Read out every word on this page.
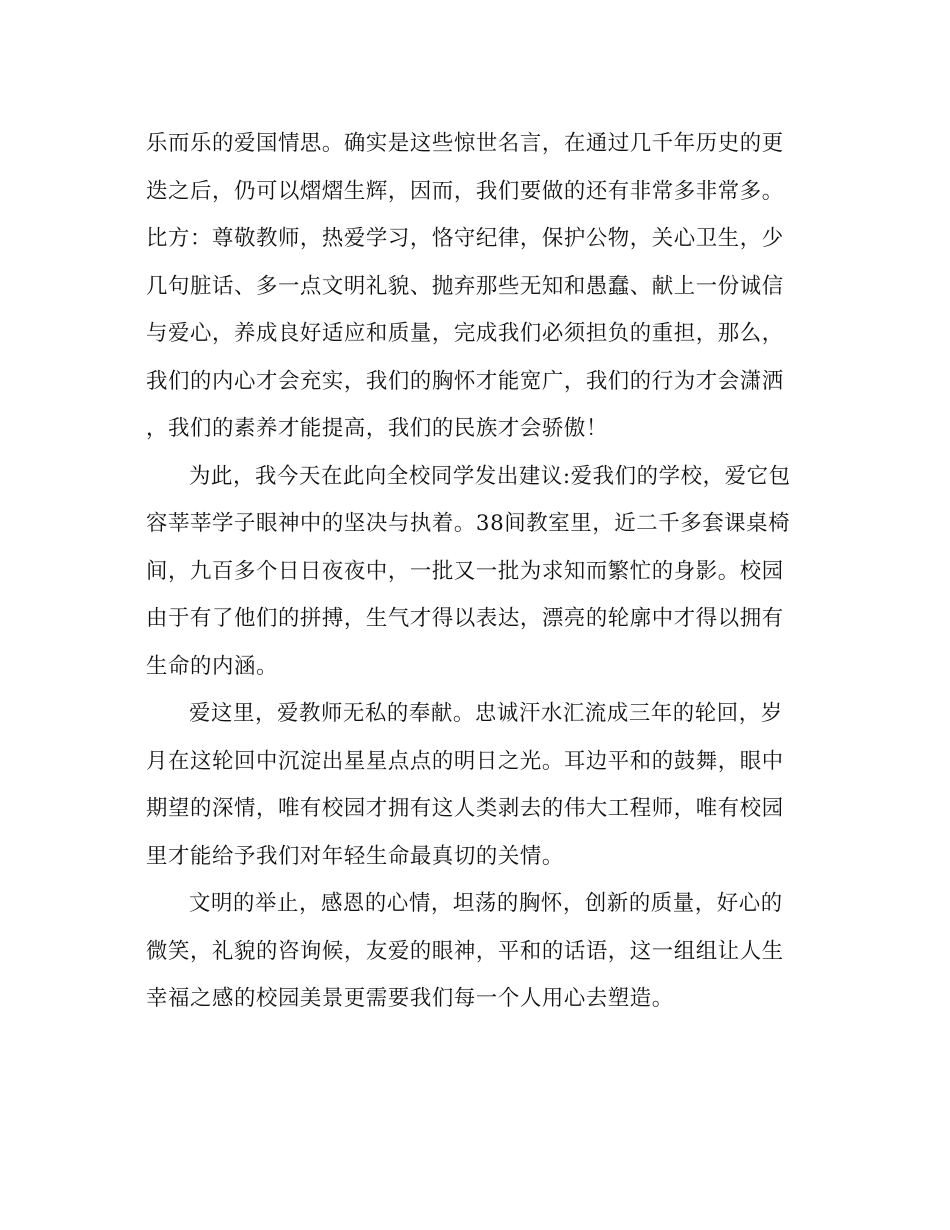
乐而乐的爱国情思。确实是这些惊世名言，在通过几千年历史的更迭之后，仍可以熠熠生辉，因而，我们要做的还有非常多非常多。比方：尊敬教师，热爱学习，恪守纪律，保护公物，关心卫生，少几句脏话、多一点文明礼貌、抛弃那些无知和愚蠢、献上一份诚信与爱心，养成良好适应和质量，完成我们必须担负的重担，那么，我们的内心才会充实，我们的胸怀才能宽广，我们的行为才会潇洒，我们的素养才能提高，我们的民族才会骄傲！

为此，我今天在此向全校同学发出建议:爱我们的学校，爱它包容莘莘学子眼神中的坚决与执着。38间教室里，近二千多套课桌椅间，九百多个日日夜夜中，一批又一批为求知而繁忙的身影。校园由于有了他们的拼搏，生气才得以表达，漂亮的轮廓中才得以拥有生命的内涵。

爱这里，爱教师无私的奉献。忠诚汗水汇流成三年的轮回，岁月在这轮回中沉淀出星星点点的明日之光。耳边平和的鼓舞，眼中期望的深情，唯有校园才拥有这人类剥去的伟大工程师，唯有校园里才能给予我们对年轻生命最真切的关情。

文明的举止，感恩的心情，坦荡的胸怀，创新的质量，好心的微笑，礼貌的咨询候，友爱的眼神，平和的话语，这一组组让人生幸福之感的校园美景更需要我们每一个人用心去塑造。
